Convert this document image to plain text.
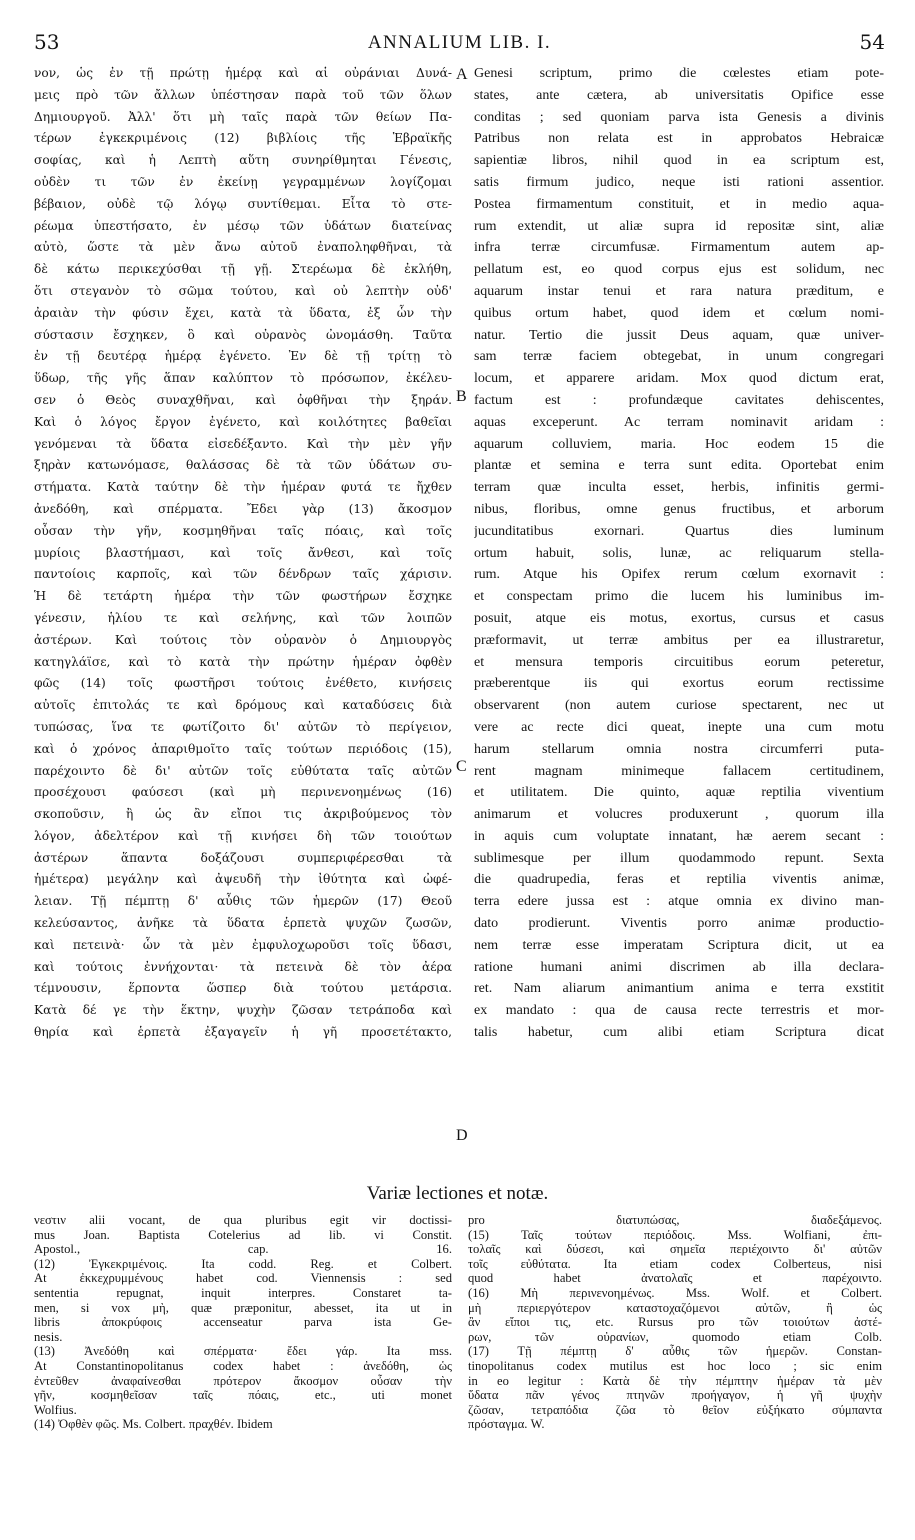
53	ANNALIUM LIB. I.	54
νον, ὡς ἐν τῇ πρώτῃ ἡμέρᾳ καὶ αἱ οὐράνιαι Δυνά-
μεις πρὸ τῶν ἄλλων ὑπέστησαν παρὰ τοῦ τῶν ὅλων
Δημιουργοῦ. Ἀλλ' ὅτι μὴ ταῖς παρὰ τῶν θείων Πα-
τέρων ἐγκεκριμένοις (12) βιβλίοις τῆς Ἑβραϊκῆς
σοφίας, καὶ ἡ Λεπτὴ αὕτη συνηρίθμηται Γένεσις,
οὐδὲν τι τῶν ἐν ἐκείνῃ γεγραμμένων λογίζομαι
βέβαιον, οὐδὲ τῷ λόγῳ συντίθεμαι. Εἶτα τὸ στε-
ρέωμα ὑπεστήσατο, ἐν μέσῳ τῶν ὑδάτων διατείνας
αὐτὸ, ὥστε τὰ μὲν ἄνω αὐτοῦ ἐναποληφθῆναι, τὰ
δὲ κάτω περικεχύσθαι τῇ γῇ. Στερέωμα δὲ ἐκλήθη,
ὅτι στεγανὸν τὸ σῶμα τούτου, καὶ οὐ λεπτὴν οὐδ'
ἀραιὰν τὴν φύσιν ἔχει, κατὰ τὰ ὕδατα, ἐξ ὧν τὴν
σύστασιν ἔσχηκεν, ὃ καὶ οὐρανὸς ὠνομάσθη. Ταῦτα
ἐν τῇ δευτέρᾳ ἡμέρᾳ ἐγένετο. Ἐν δὲ τῇ τρίτῃ τὸ
ὕδωρ, τῆς γῆς ἅπαν καλύπτον τὸ πρόσωπον, ἐκέλευ-
σεν ὁ Θεὸς συναχθῆναι, καὶ ὀφθῆναι τὴν ξηράν.
Καὶ ὁ λόγος ἔργον ἐγένετο, καὶ κοιλότητες βαθεῖαι
γενόμεναι τὰ ὕδατα εἰσεδέξαντο. Καὶ τὴν μὲν γῆν
ξηρὰν κατωνόμασε, θαλάσσας δὲ τὰ τῶν ὑδάτων συ-
στήματα. Κατὰ ταύτην δὲ τὴν ἡμέραν φυτά τε ἤχθεν
ἀνεδόθη, καὶ σπέρματα. Ἔδει γὰρ (13) ἄκοσμον
οὖσαν τὴν γῆν, κοσμηθῆναι ταῖς πόαις, καὶ τοῖς
μυρίοις βλαστήμασι, καὶ τοῖς ἄνθεσι, καὶ τοῖς
παντοίοις καρποῖς, καὶ τῶν δένδρων ταῖς χάρισιν.
Ἡ δὲ τετάρτη ἡμέρα τὴν τῶν φωστήρων ἔσχηκε
γένεσιν, ἡλίου τε καὶ σελήνης, καὶ τῶν λοιπῶν
ἀστέρων. Καὶ τούτοις τὸν οὐρανὸν ὁ Δημιουργὸς
κατηγλάϊσε, καὶ τὸ κατὰ τὴν πρώτην ἡμέραν ὀφθὲν
φῶς (14) τοῖς φωστῆρσι τούτοις ἐνέθετο, κινήσεις
αὐτοῖς ἐπιτολάς τε καὶ δρόμους καὶ καταδύσεις διὰ
τυπώσας, ἵνα τε φωτίζοιτο δι' αὐτῶν τὸ περίγειον,
καὶ ὁ χρόνος ἀπαριθμοῖτο ταῖς τούτων περιόδοις (15),
παρέχοιντο δὲ δι' αὐτῶν τοῖς εὐθύτατα ταῖς αὐτῶν
προσέχουσι φαύσεσι (καὶ μὴ περινενοημένως (16)
σκοποῦσιν, ἢ ὡς ἂν εἴποι τις ἀκριβούμενος τὸν
λόγον, ἀδελτέρον καὶ τῇ κινήσει δὴ τῶν τοιούτων
ἀστέρων ἅπαντα δοξάζουσι συμπεριφέρεσθαι τὰ
ἡμέτερα) μεγάλην καὶ ἀψευδῆ τὴν ἰθύτητα καὶ ὠφέ-
λειαν. Τῇ πέμπτῃ δ' αὖθις τῶν ἡμερῶν (17) Θεοῦ
κελεύσαντος, ἀνῆκε τὰ ὕδατα ἑρπετὰ ψυχῶν ζωσῶν,
καὶ πετεινὰ· ὧν τὰ μὲν ἐμφυλοχωροῦσι τοῖς ὕδασι,
καὶ τούτοις ἐννήχονται· τὰ πετεινὰ δὲ τὸν ἀέρα
τέμνουσιν, ἕρποντα ὥσπερ διὰ τούτου μετάρσια.
Κατὰ δέ γε τὴν ἕκτην, ψυχὴν ζῶσαν τετράποδα καὶ
θηρία καὶ ἑρπετὰ ἐξαγαγεῖν ἡ γῆ προσετέτακτο,
Genesi scriptum, primo die cœlestes etiam pote-
states, ante cætera, ab universitatis Opifice esse
conditas ; sed quoniam parva ista Genesis a divinis
Patribus non relata est in approbatos Hebraicæ
sapientiæ libros, nihil quod in ea scriptum est,
satis firmum judico, neque isti rationi assentior.
Postea firmamentum constituit, et in medio aqua-
rum extendit, ut aliæ supra id repositæ sint, aliæ
infra terræ circumfusæ. Firmamentum autem ap-
pellatum est, eo quod corpus ejus est solidum, nec
aquarum instar tenui et rara natura præditum, e
quibus ortum habet, quod idem et cœlum nomi-
natur. Tertio die jussit Deus aquam, quæ univer-
sam terræ faciem obtegebat, in unum congregari
locum, et apparere aridam. Mox quod dictum erat,
factum est : profundæque cavitates dehiscentes,
aquas exceperunt. Ac terram nominavit aridam :
aquarum colluviem, maria. Hoc eodem 15 die
plantæ et semina e terra sunt edita. Oportebat enim
terram quæ inculta esset, herbis, infinitis germi-
nibus, floribus, omne genus fructibus, et arborum
jucunditatibus exornari. Quartus dies luminum
ortum habuit, solis, lunæ, ac reliquarum stella-
rum. Atque his Opifex rerum cœlum exornavit :
et conspectam primo die lucem his luminibus im-
posuit, atque eis motus, exortus, cursus et casus
præformavit, ut terræ ambitus per ea illustraretur,
et mensura temporis circuitibus eorum peteretur,
præberentque iis qui exortus eorum rectissime
observarent (non autem curiose spectarent, nec ut
vere ac recte dici queat, inepte una cum motu
harum stellarum omnia nostra circumferri puta-
rent magnam minimeque fallacem certitudinem,
et utilitatem. Die quinto, aquæ reptilia viventium
animarum et volucres produxerunt , quorum illa
in aquis cum voluptate innatant, hæ aerem secant :
sublimesque per illum quodammodo repunt. Sexta
die quadrupedia, feras et reptilia viventis animæ,
terra edere jussa est : atque omnia ex divino man-
dato prodierunt. Viventis porro animæ productio-
nem terræ esse imperatam Scriptura dicit, ut ea
ratione humani animi discrimen ab illa declara-
ret. Nam aliarum animantium anima e terra exstitit
ex mandato : qua de causa recte terrestris et mor-
talis habetur, cum alibi etiam Scriptura dicat
A
B
C
D
Variæ lectiones et notæ.
νεστιν alii vocant, de qua pluribus egit vir doctissi-
mus Joan. Baptista Cotelerius ad lib. vi Constit.
Apostol., cap. 16.
(12) Ἐγκεκριμένοις. Ita codd. Reg. et Colbert.
At ἐκκεχρυμμένους habet cod. Viennensis : sed
sententia repugnat, inquit interpres. Constaret ta-
men, si vox μὴ, quæ præponitur, abesset, ita ut in
libris ἀποκρύφοις accenseatur parva ista Ge-
nesis.
(13) Ἀνεδόθη καὶ σπέρματα· ἔδει γάρ. Ita mss.
At Constantinopolitanus codex habet : ἀνεδόθη, ὡς
ἐντεῦθεν ἀναφαίνεσθαι πρότερον ἄκοσμον οὖσαν τὴν
γῆν, κοσμηθεῖσαν ταῖς πόαις, etc., uti monet
Wolfius.
(14) Ὀφθὲν φῶς. Ms. Colbert. πραχθέν. Ibidem
pro διατυπώσας, διαδεξάμενος.
(15) Ταῖς τούτων περιόδοις. Mss. Wolfiani, ἐπι-
τολαῖς καὶ δύσεσι, καὶ σημεῖα περιέχοιντο δι' αὐτῶν
τοῖς εὐθύτατα. Ita etiam codex Colbertεus, nisi
quod habet ἀνατολαῖς et παρέχοιντο.
(16) Μὴ περινενοημένως. Mss. Wolf. et Colbert.
μὴ περιεργότερον καταστοχαζόμενοι αὐτῶν, ἢ ὡς
ἂν εἴποι τις, etc. Rursus pro τῶν τοιούτων ἀστέ-
ρων, τῶν οὐρανίων, quomodo etiam Colb.
(17) Τῇ πέμπτῃ δ' αὖθις τῶν ἡμερῶν. Constan-
tinopolitanus codex mutilus est hoc loco ; sic enim
in eo legitur : Κατὰ δὲ τὴν πέμπτην ἡμέραν τὰ μὲν
ὕδατα πᾶν γένος πτηνῶν προήγαγον, ἡ γῆ ψυχὴν
ζῶσαν, τετραπόδια ζῶα τὸ θεῖον εὐξήκατο σύμπαντα
πρόσταγμα. W.
